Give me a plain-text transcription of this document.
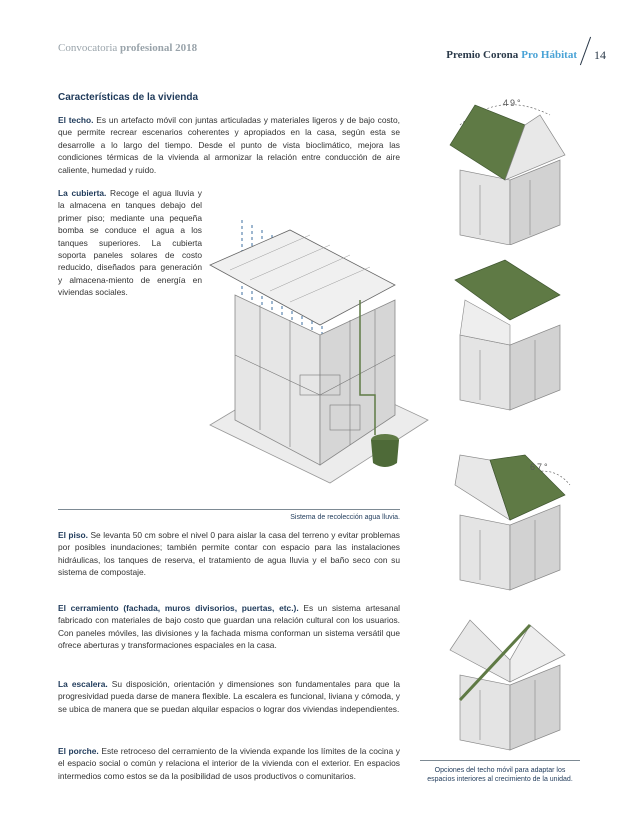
Convocatoria profesional 2018
Premio Corona Pro Hábitat 14
Características de la vivienda
El techo. Es un artefacto móvil con juntas articuladas y materiales ligeros y de bajo costo, que permite recrear escenarios coherentes y apropiados en la casa, según esta se desarrolle a lo largo del tiempo. Desde el punto de vista bioclimático, mejora las condiciones térmicas de la vivienda al armonizar la relación entre conducción de aire caliente, humedad y ruido.
La cubierta. Recoge el agua lluvia y la almacena en tanques debajo del primer piso; mediante una pequeña bomba se conduce el agua a los tanques superiores. La cubierta soporta paneles solares de costo reducido, diseñados para generación y almacena-miento de energía en viviendas sociales.
Sistema de recolección agua lluvia.
El piso. Se levanta 50 cm sobre el nivel 0 para aislar la casa del terreno y evitar problemas por posibles inundaciones; también permite contar con espacio para las instalaciones hidráulicas, los tanques de reserva, el tratamiento de agua lluvia y el baño seco con su sistema de compostaje.
El cerramiento (fachada, muros divisorios, puertas, etc.). Es un sistema artesanal fabricado con materiales de bajo costo que guardan una relación cultural con los usuarios. Con paneles móviles, las divisiones y la fachada misma conforman un sistema versátil que ofrece aberturas y transformaciones espaciales en la casa.
La escalera. Su disposición, orientación y dimensiones son fundamentales para que la progresividad pueda darse de manera flexible. La escalera es funcional, liviana y cómoda, y se ubica de manera que se puedan alquilar espacios o lograr dos viviendas independientes.
El porche. Este retroceso del cerramiento de la vivienda expande los límites de la cocina y el espacio social o común y relaciona el interior de la vivienda con el exterior. En espacios intermedios como estos se da la posibilidad de usos productivos o comunitarios.
49°
67°
Opciones del techo móvil para adaptar los espacios interiores al crecimiento de la unidad.
